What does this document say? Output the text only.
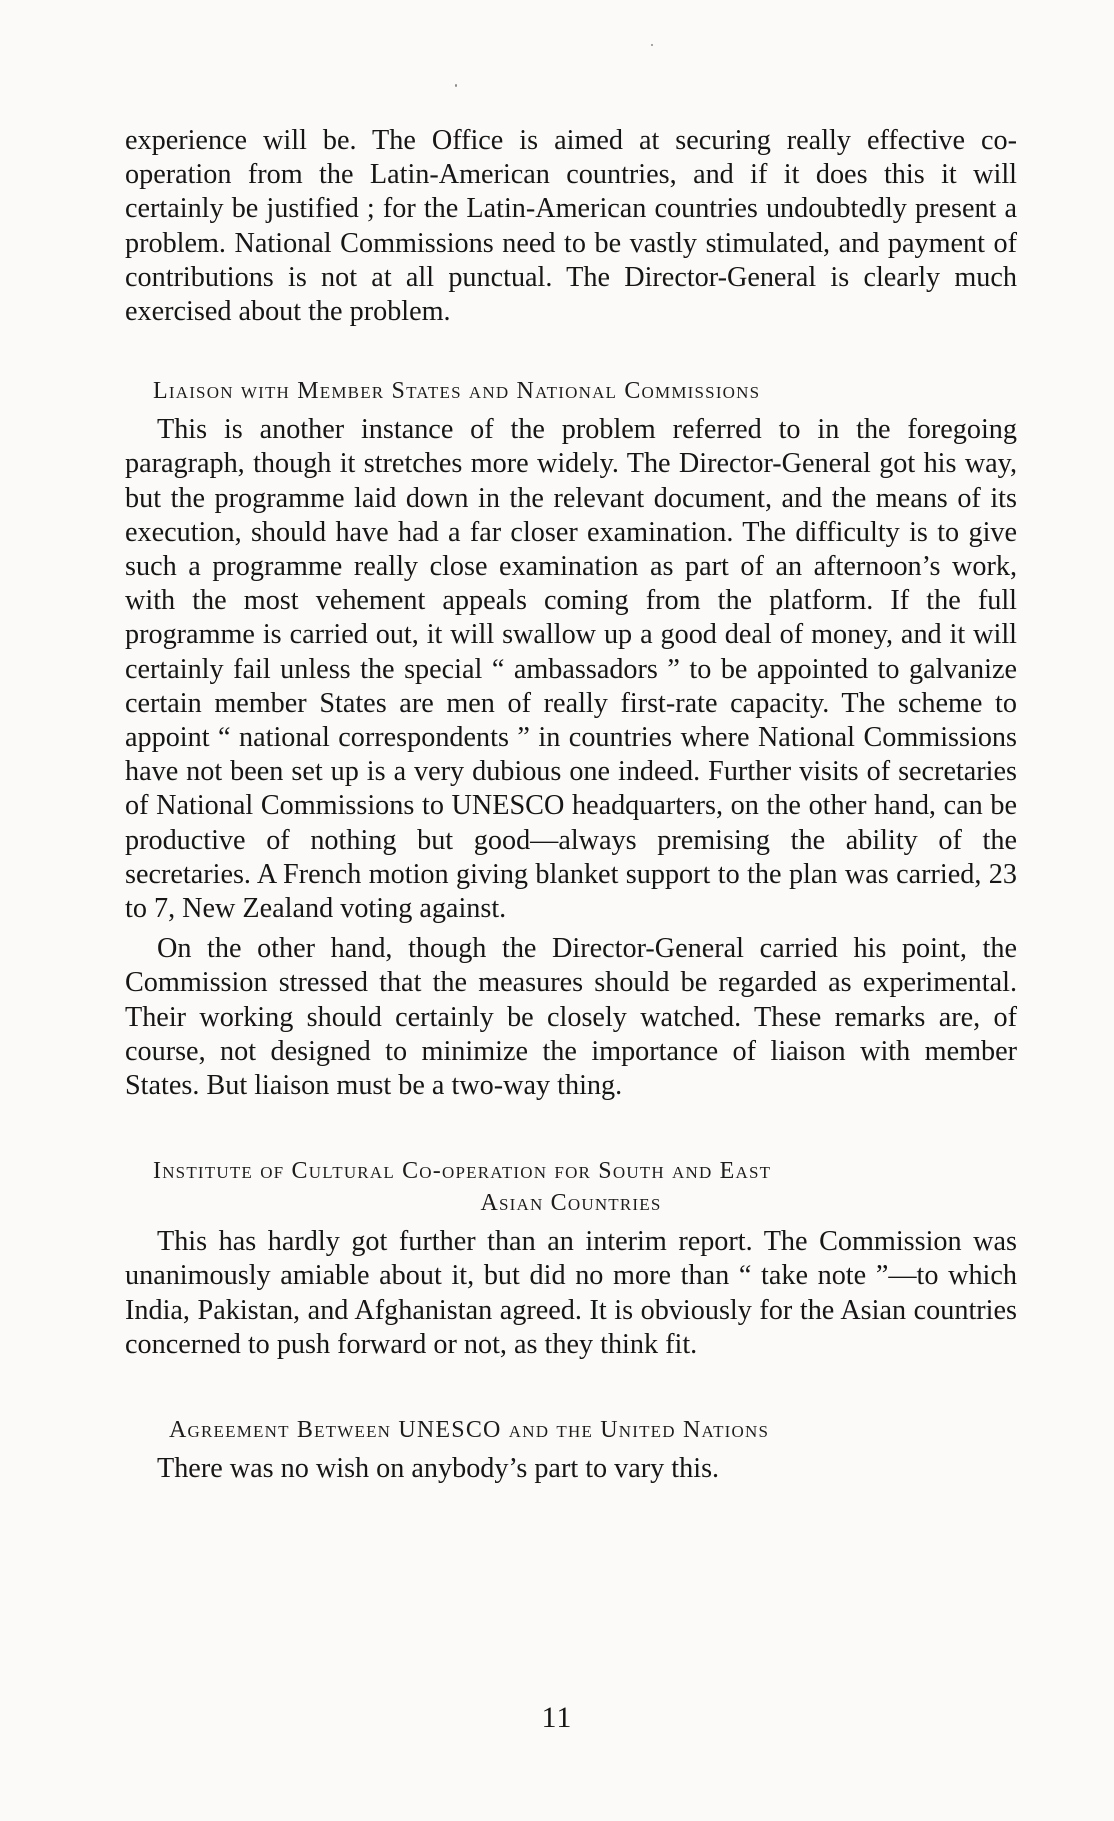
experience will be. The Office is aimed at securing really effective co-operation from the Latin-American countries, and if it does this it will certainly be justified ; for the Latin-American countries undoubtedly present a problem. National Commissions need to be vastly stimulated, and payment of contributions is not at all punctual. The Director-General is clearly much exercised about the problem.

Liaison with Member States and National Commissions

This is another instance of the problem referred to in the foregoing paragraph, though it stretches more widely. The Director-General got his way, but the programme laid down in the relevant document, and the means of its execution, should have had a far closer examination. The difficulty is to give such a programme really close examination as part of an afternoon’s work, with the most vehement appeals coming from the platform. If the full programme is carried out, it will swallow up a good deal of money, and it will certainly fail unless the special “ ambassadors ” to be appointed to galvanize certain member States are men of really first-rate capacity. The scheme to appoint “ national correspondents ” in countries where National Commissions have not been set up is a very dubious one indeed. Further visits of secretaries of National Commissions to UNESCO headquarters, on the other hand, can be productive of nothing but good—always premising the ability of the secretaries. A French motion giving blanket support to the plan was carried, 23 to 7, New Zealand voting against.

On the other hand, though the Director-General carried his point, the Commission stressed that the measures should be regarded as experimental. Their working should certainly be closely watched. These remarks are, of course, not designed to minimize the importance of liaison with member States. But liaison must be a two-way thing.

Institute of Cultural Co-operation for South and East

Asian Countries

This has hardly got further than an interim report. The Commission was unanimously amiable about it, but did no more than “ take note ”—to which India, Pakistan, and Afghanistan agreed. It is obviously for the Asian countries concerned to push forward or not, as they think fit.

Agreement Between UNESCO and the United Nations

There was no wish on anybody’s part to vary this.

11
